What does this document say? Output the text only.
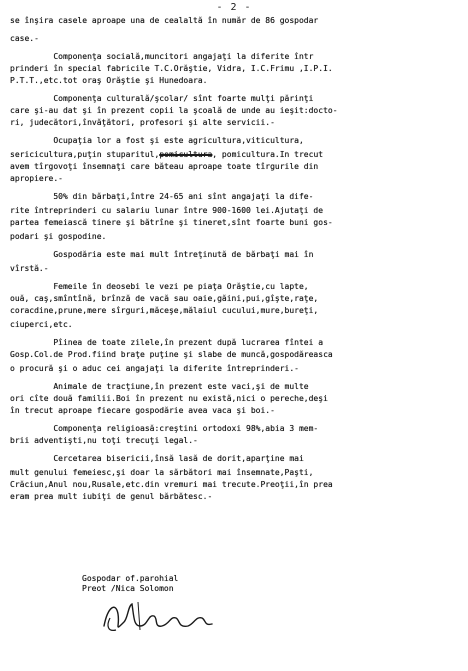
- 2 -
se înşira casele aproape una de cealaltă în număr de 86 gospodar
case.-
Componenţa socială,muncitori angajaţi la diferite într
prinderi în special fabricile T.C.Orăştie, Vidra, I.C.Frimu ,I.P.I.
P.T.T.,etc.tot oraş Orăştie şi Hunedoara.
Componenţa culturală/şcolar/ sînt foarte mulţi părinţi
care şi-au dat şi în prezent copii la şcoală de unde au ieşit:docto-
ri, judecători,învăţători, profesori şi alte servicii.-
Ocupaţia lor a fost şi este agricultura,viticultura,
sericicultura,puţin stuparitul,pomicultura, pomicultura.In trecut
avem tîrgovoţi însemnaţi care băteau aproape toate tîrgurile din
apropiere.-
50% din bărbaţi,între 24-65 ani sînt angajaţi la dife-
rite întreprinderi cu salariu lunar între 900-1600 lei.Ajutaţi de
partea femeiască tinere şi bătrîne şi tineret,sînt foarte buni gos-
podari şi gospodine.
Gospodăria este mai mult întreţinută de bărbaţi mai în
vîrstă.-
Femeile în deosebi le vezi pe piaţa Orăştie,cu lapte,
ouă, caş,smîntînă, brînză de vacă sau oaie,găini,pui,gîşte,raţe,
coracdine,prune,mere sîrguri,măceşe,mălaiul cucului,mure,bureţi,
ciuperci,etc.
Pîinea de toate zilele,în prezent după lucrarea fîntei a
Gosp.Col.de Prod.fiind braţe puţine şi slabe de muncă,gospodăreasca
o procură şi o aduc cei angajaţi la diferite întreprinderi.-
Animale de tracţiune,în prezent este vaci,şi de multe
ori cîte două familii.Boi în prezent nu există,nici o pereche,deşi
în trecut aproape fiecare gospodărie avea vaca şi boi.-
Componenţa religioasă:creştini ortodoxi 98%,abia 3 mem-
brii adventişti,nu toţi trecuţi legal.-
Cercetarea bisericii,însă lasă de dorit,aparţine mai
mult genului femeiesc,şi doar la sărbători mai însemnate,Paşti,
Crăciun,Anul nou,Rusale,etc.din vremuri mai trecute.Preoţii,în prea
eram prea mult iubiţi de genul bărbătesc.-
Gospodar of.parohial
Preot /Nica Solomon
